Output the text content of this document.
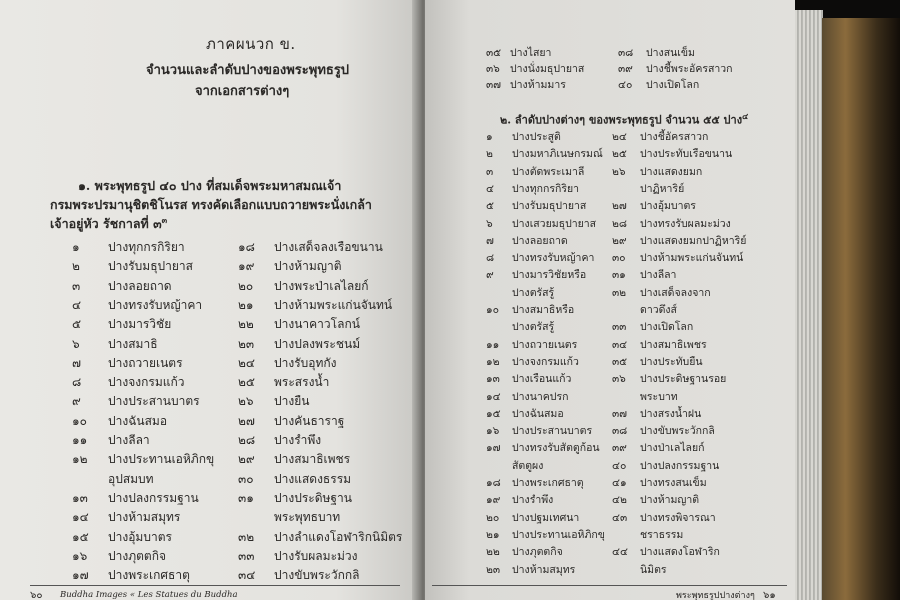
ภาคผนวก ข.
จำนวนและลำดับปางของพระพุทธรูป
จากเอกสารต่างๆ
๑. พระพุทธรูป ๔๐ ปาง ที่สมเด็จพระมหาสมณเจ้า
กรมพระปรมานุชิตชิโนรส ทรงคัดเลือกแบบถวายพระนั่งเกล้า
เจ้าอยู่หัว รัชกาลที่ ๓$^๓$
๑ ปางทุกกรกิริยา
๒ ปางรับมธุปายาส
๓ ปางลอยถาด
๔ ปางทรงรับหญ้าคา
๕ ปางมารวิชัย
๖ ปางสมาธิ
๗ ปางถวายเนตร
๘ ปางจงกรมแก้ว
๙ ปางประสานบาตร
๑๐ ปางฉันสมอ
๑๑ ปางลีลา
๑๒ ปางประทานเอหิภิกขุ
อุปสมบท
๑๓ ปางปลงกรรมฐาน
๑๔ ปางห้ามสมุทร
๑๕ ปางอุ้มบาตร
๑๖ ปางภุตตกิจ
๑๗ ปางพระเกศธาตุ
๑๘ ปางเสด็จลงเรือขนาน
๑๙ ปางห้ามญาติ
๒๐ ปางพระป่าเลไลยก์
๒๑ ปางห้ามพระแก่นจันทน์
๒๒ ปางนาคาวโลกน์
๒๓ ปางปลงพระชนม์
๒๔ ปางรับอุทกัง
๒๕ พระสรงน้ำ
๒๖ ปางยืน
๒๗ ปางคันธาราฐ
๒๘ ปางรำพึง
๒๙ ปางสมาธิเพชร
๓๐ ปางแสดงธรรม
๓๑ ปางประดิษฐาน
พระพุทธบาท
๓๒ ปางลำแดงโอฬาริกนิมิตร
๓๓ ปางรับผลมะม่วง
๓๔ ปางขับพระวักกลิ
๖๐ Buddha Images « Les Statues du Buddha
๓๕ ปางไสยา
๓๖ ปางนั่งมธุปายาส
๓๗ ปางห้ามมาร
๓๘ ปางสนเข็ม
๓๙ ปางชี้พระอัครสาวก
๔๐ ปางเปิดโลก
๒. ลำดับปางต่างๆ ของพระพุทธรูป จำนวน ๕๕ ปาง$^๔$
๑ ปางประสูติ
๒ ปางมหาภิเนษกรมณ์
๓ ปางตัดพระเมาลี
๔ ปางทุกกรกิริยา
๕ ปางรับมธุปายาส
๖ ปางเสวยมธุปายาส
๗ ปางลอยถาด
๘ ปางทรงรับหญ้าคา
๙ ปางมารวิชัยหรือ
ปางตรัสรู้
๑๐ ปางสมาธิหรือ
ปางตรัสรู้
๑๑ ปางถวายเนตร
๑๒ ปางจงกรมแก้ว
๑๓ ปางเรือนแก้ว
๑๔ ปางนาคปรก
๑๕ ปางฉันสมอ
๑๖ ปางประสานบาตร
๑๗ ปางทรงรับสัตตูก้อน
สัตตูผง
๑๘ ปางพระเกศธาตุ
๑๙ ปางรำพึง
๒๐ ปางปฐมเทศนา
๒๑ ปางประทานเอหิภิกขุ
๒๒ ปางภุตตกิจ
๒๓ ปางห้ามสมุทร
๒๔ ปางชี้อัครสาวก
๒๕ ปางประทับเรือขนาน
๒๖ ปางแสดงยมก
ปาฏิหาริย์
๒๗ ปางอุ้มบาตร
๒๘ ปางทรงรับผลมะม่วง
๒๙ ปางแสดงยมกปาฏิหาริย์
๓๐ ปางห้ามพระแก่นจันทน์
๓๑ ปางลีลา
๓๒ ปางเสด็จลงจาก
ดาวดึงส์
๓๓ ปางเปิดโลก
๓๔ ปางสมาธิเพชร
๓๕ ปางประทับยืน
๓๖ ปางประดิษฐานรอย
พระบาท
๓๗ ปางสรงน้ำฝน
๓๘ ปางขับพระวักกลิ
๓๙ ปางป่าเลไลยก์
๔๐ ปางปลงกรรมฐาน
๔๑ ปางทรงสนเข็ม
๔๒ ปางห้ามญาติ
๔๓ ปางทรงพิจารณา
ชราธรรม
๔๔ ปางแสดงโอฬาริก
นิมิตร
พระพุทธรูปปางต่างๆ ๖๑
